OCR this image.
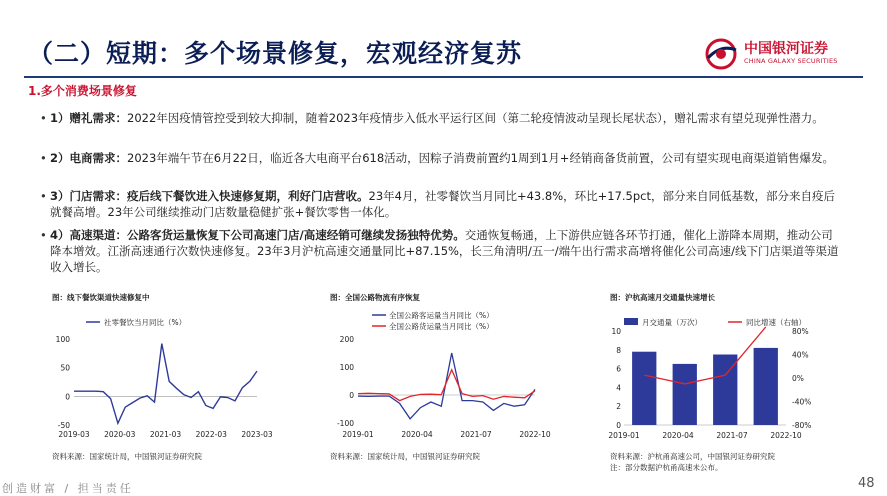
（二）短期：多个场景修复，宏观经济复苏	中国银河证券
CHINA GALAXY SECURITIES
1.多个消费场景修复
• 1）赠礼需求：2022年因疫情管控受到较大抑制，随着2023年疫情步入低水平运行区间（第二轮疫情波动呈现长尾状态），赠礼需求有望兑现弹性潜力。
• 2）电商需求：2023年端午节在6月22日，临近各大电商平台618活动，因粽子消费前置约1周到1月+经销商备货前置，公司有望实现电商渠道销售爆发。
• 3）门店需求：疫后线下餐饮进入快速修复期，利好门店营收。23年4月，社零餐饮当月同比+43.8%，环比+17.5pct，部分来自同低基数，部分来自疫后就餐高增。23年公司继续推动门店数量稳健扩张+餐饮零售一体化。
• 4）高速渠道：公路客货运量恢复下公司高速门店/高速经销可继续发扬独特优势。交通恢复畅通，上下游供应链各环节打通，催化上游降本周期，推动公司降本增效。江浙高速通行次数快速修复。23年3月沪杭高速交通量同比+87.15%，长三角清明/五一/端午出行需求高增将催化公司高速/线下门店渠道等渠道收入增长。
图：线下餐饮渠道快速修复中
社零餐饮当月同比（%）
100
50
0
-50
2019-03 2020-03 2021-03 2022-03 2023-03
资料来源：国家统计局，中国银河证券研究院
图：全国公路物流有序恢复
全国公路客运量当月同比（%）
全国公路货运量当月同比（%）
200
100
0
-100
2019-01	2020-04	2021-07	2022-10
资料来源：国家统计局，中国银河证券研究院
图：沪杭高速月交通量快速增长
月交通量（万次）	同比增速（右轴）
10
8
6
4
2
0
80%
40%
0%
-40%
-80%
2019-01	2020-04	2021-07	2022-10
资料来源：沪杭甬高速公司，中国银河证券研究院
注：部分数据沪杭甬高速未公布。
创造财富 / 担当责任	48
